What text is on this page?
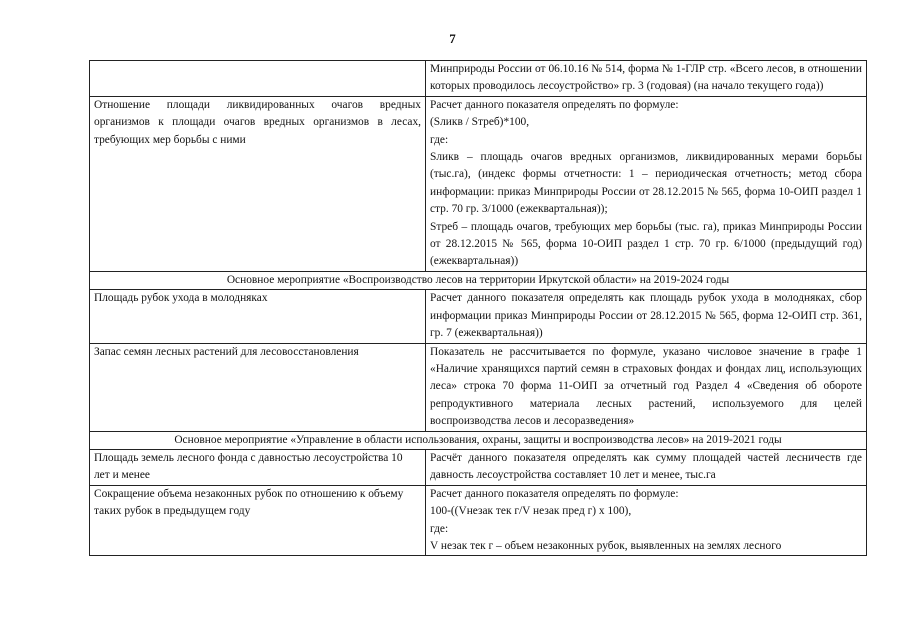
7
	Минприроды России от 06.10.16 № 514, форма № 1-ГЛР стр. «Всего лесов, в отношении которых проводилось лесоустройство» гр. 3 (годовая) (на начало текущего года))
Отношение площади ликвидированных очагов вредных организмов к площади очагов вредных организмов в лесах, требующих мер борьбы с ними	Расчет данного показателя определять по формуле:
(Sликв / Sтреб)*100,
где:
Sликв – площадь очагов вредных организмов, ликвидированных мерами борьбы (тыс.га), (индекс формы отчетности: 1 – периодическая отчетность; метод сбора информации: приказ Минприроды России от 28.12.2015 № 565, форма 10-ОИП раздел 1 стр. 70 гр. 3/1000 (ежеквартальная));
Sтреб – площадь очагов, требующих мер борьбы (тыс. га), приказ Минприроды России от 28.12.2015 № 565, форма 10-ОИП раздел 1 стр. 70 гр. 6/1000 (предыдущий год) (ежеквартальная))

Основное мероприятие «Воспроизводство лесов на территории Иркутской области» на 2019-2024 годы	
Площадь рубок ухода в молодняках	Расчет данного показателя определять как площадь рубок ухода в молодняках, сбор информации приказ Минприроды России от 28.12.2015 № 565, форма 12-ОИП стр. 361, гр. 7 (ежеквартальная))
Запас семян лесных растений для лесовосстановления	Показатель не рассчитывается по формуле, указано числовое значение в графе 1 «Наличие хранящихся партий семян в страховых фондах и фондах лиц, использующих леса» строка 70 форма 11-ОИП за отчетный год Раздел 4 «Сведения об обороте репродуктивного материала лесных растений, используемого для целей воспроизводства лесов и лесоразведения»
Основное мероприятие «Управление в области использования, охраны, защиты и воспроизводства лесов» на 2019-2021 годы	
Площадь земель лесного фонда с давностью лесоустройства 10 лет и менее	Расчёт данного показателя определять как сумму площадей частей лесничеств где давность лесоустройства составляет 10 лет и менее, тыс.га
Сокращение объема незаконных рубок по отношению к объему таких рубок в предыдущем году	Расчет данного показателя определять по формуле:
100-((Vнезак тек г/V незак пред г) х 100),
где:
V незак тек г – объем незаконных рубок, выявленных на землях лесного
